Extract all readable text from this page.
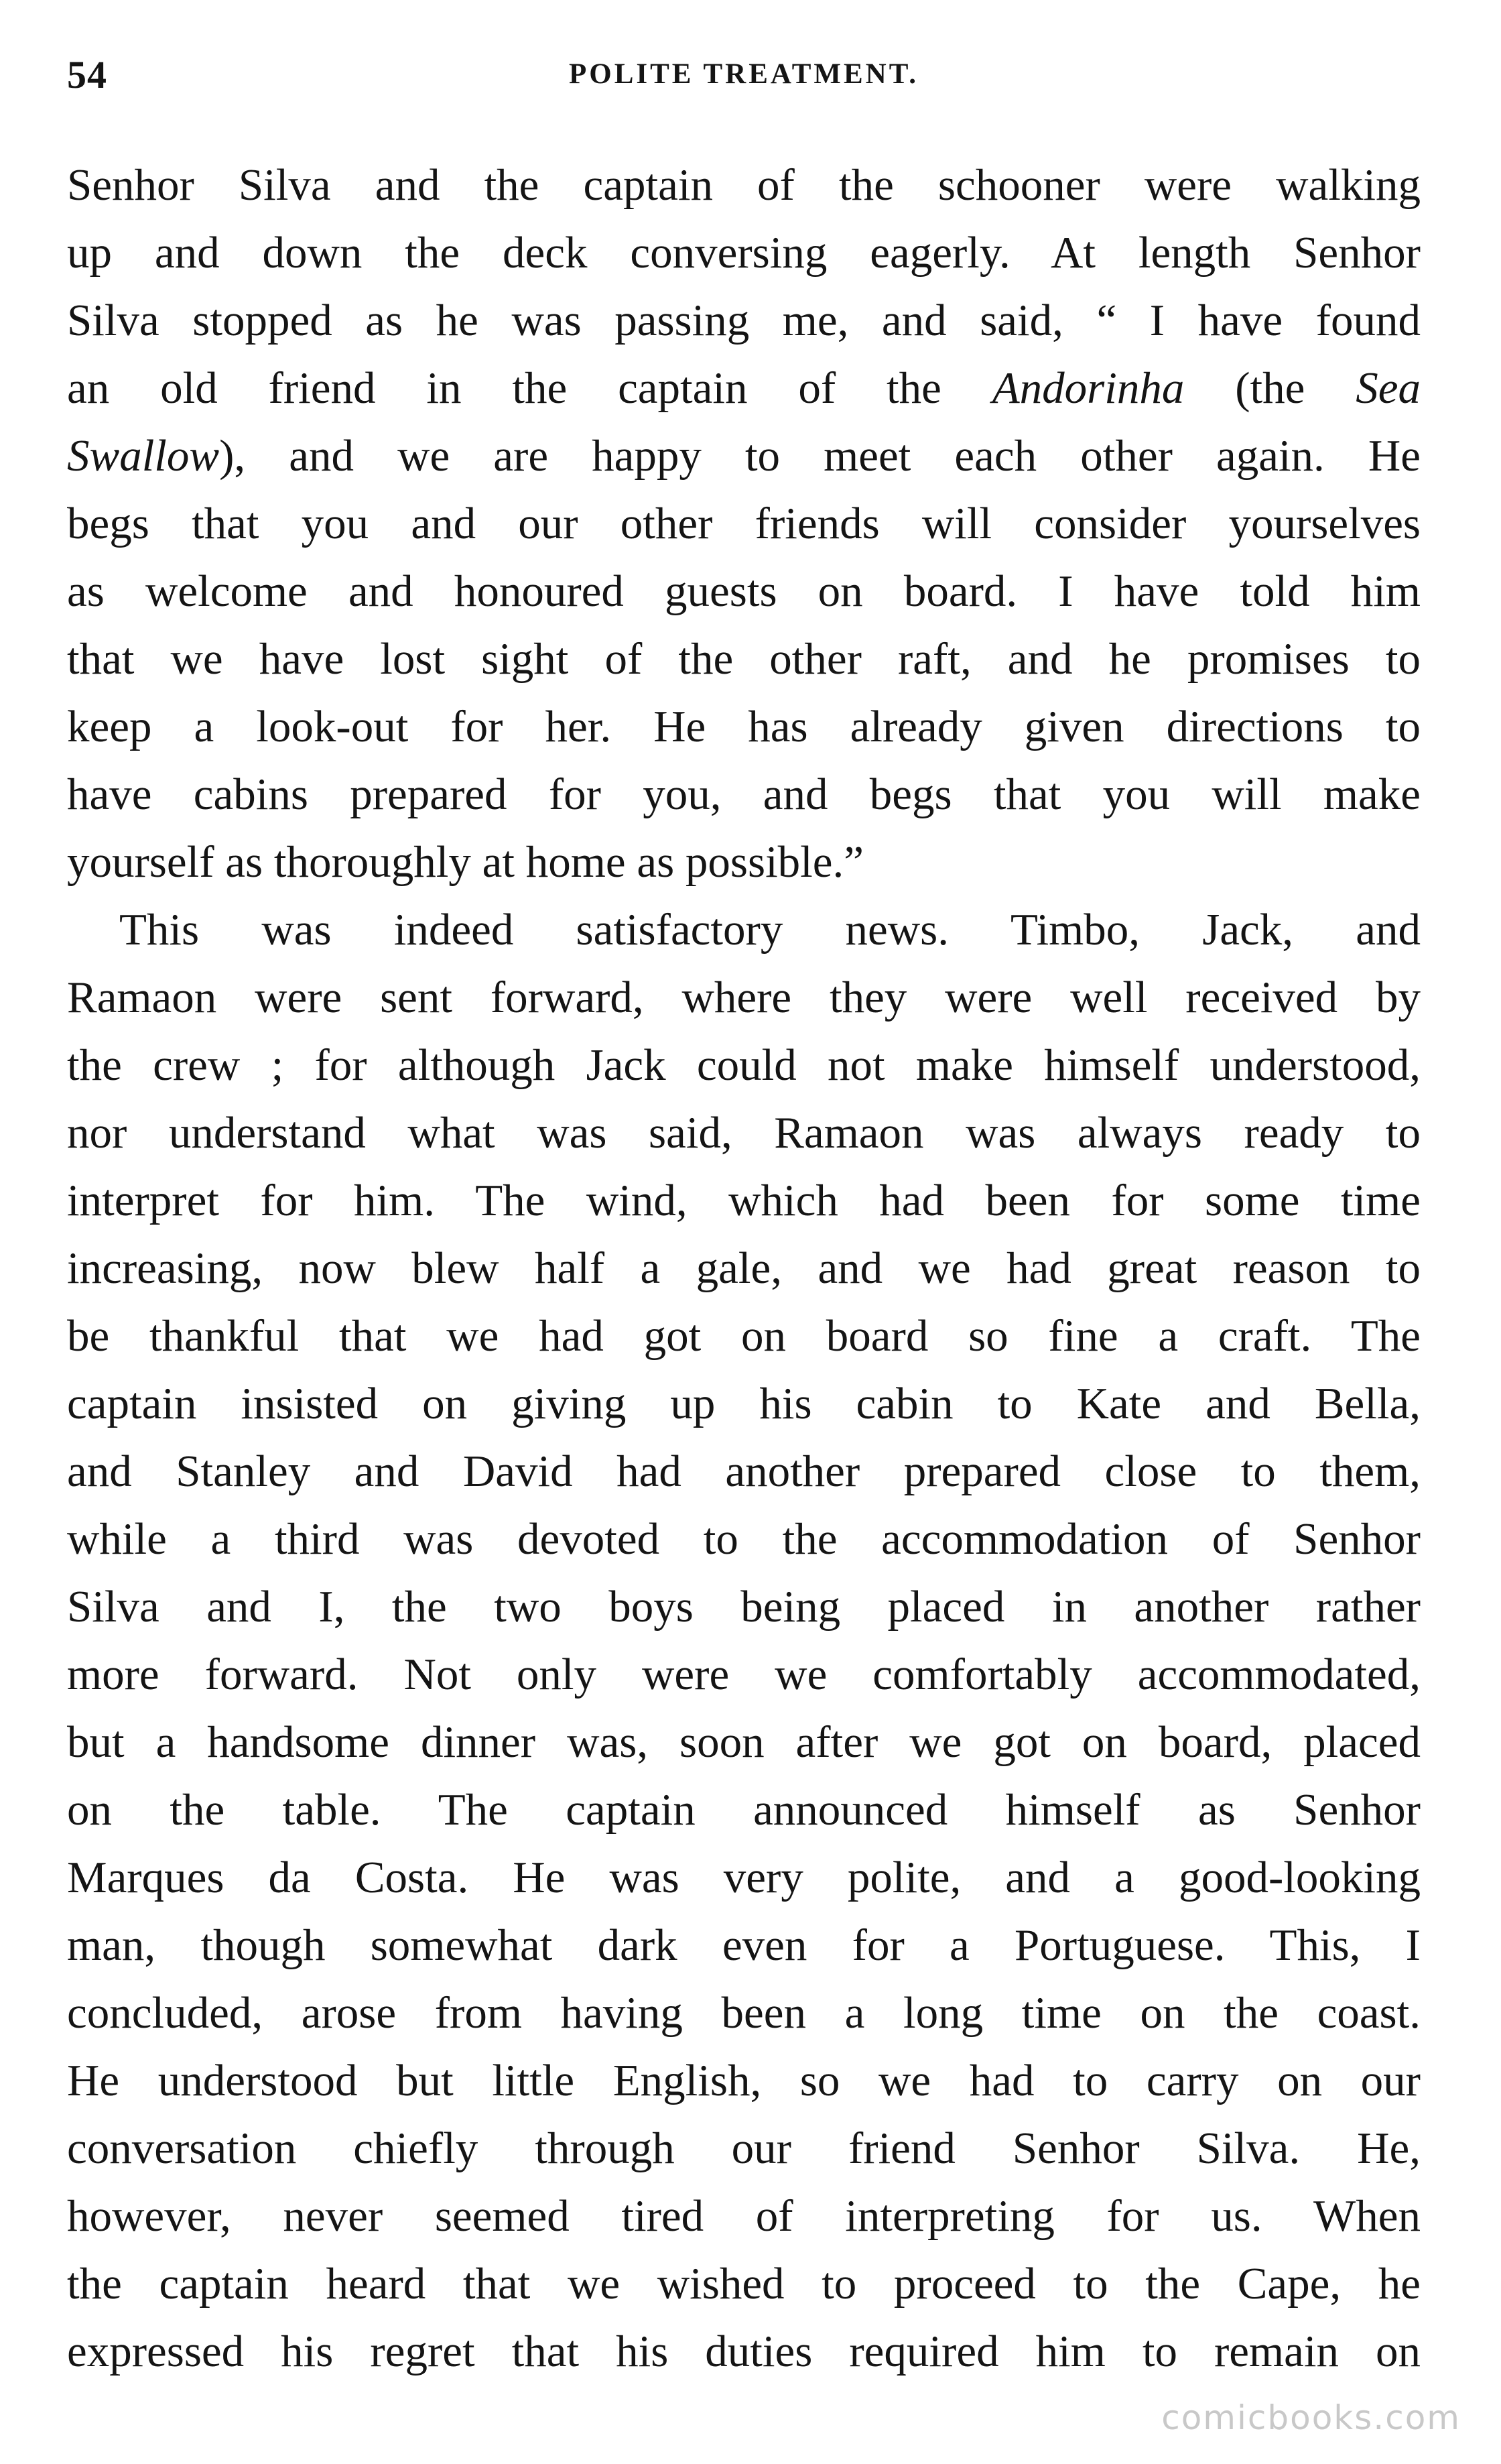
54	POLITE TREATMENT.
Senhor Silva and the captain of the schooner were walking
up and down the deck conversing eagerly. At length Senhor
Silva stopped as he was passing me, and said, “ I have found
an old friend in the captain of the Andorinha (the Sea
Swallow), and we are happy to meet each other again. He
begs that you and our other friends will consider yourselves
as welcome and honoured guests on board. I have told him
that we have lost sight of the other raft, and he promises to
keep a look-out for her. He has already given directions to
have cabins prepared for you, and begs that you will make
yourself as thoroughly at home as possible.”
This was indeed satisfactory news. Timbo, Jack, and
Ramaon were sent forward, where they were well received by
the crew ; for although Jack could not make himself understood,
nor understand what was said, Ramaon was always ready to
interpret for him. The wind, which had been for some time
increasing, now blew half a gale, and we had great reason to
be thankful that we had got on board so fine a craft. The
captain insisted on giving up his cabin to Kate and Bella,
and Stanley and David had another prepared close to them,
while a third was devoted to the accommodation of Senhor
Silva and I, the two boys being placed in another rather
more forward. Not only were we comfortably accommodated,
but a handsome dinner was, soon after we got on board, placed
on the table. The captain announced himself as Senhor
Marques da Costa. He was very polite, and a good-looking
man, though somewhat dark even for a Portuguese. This, I
concluded, arose from having been a long time on the coast.
He understood but little English, so we had to carry on our
conversation chiefly through our friend Senhor Silva. He,
however, never seemed tired of interpreting for us. When
the captain heard that we wished to proceed to the Cape, he
expressed his regret that his duties required him to remain on
comicbooks.com
